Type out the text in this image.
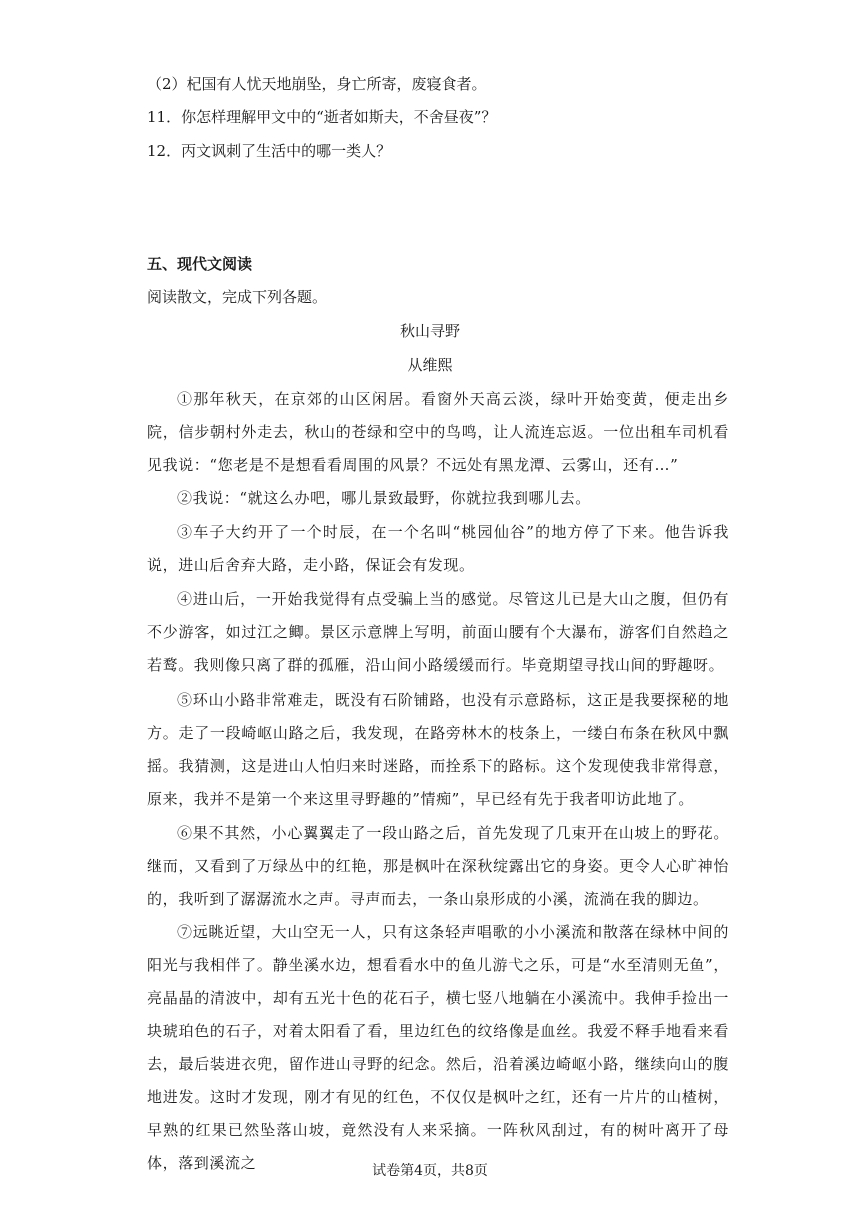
（2）杞国有人忧天地崩坠，身亡所寄，废寝食者。
11．你怎样理解甲文中的“逝者如斯夫，不舍昼夜”？
12．丙文讽刺了生活中的哪一类人？
五、现代文阅读
阅读散文，完成下列各题。
秋山寻野
从维熙
①那年秋天，在京郊的山区闲居。看窗外天高云淡，绿叶开始变黄，便走出乡院，信步朝村外走去，秋山的苍绿和空中的鸟鸣，让人流连忘返。一位出租车司机看见我说：“您老是不是想看看周围的风景？不远处有黑龙潭、云雾山，还有…”
②我说：“就这么办吧，哪儿景致最野，你就拉我到哪儿去。
③车子大约开了一个时辰，在一个名叫“桃园仙谷”的地方停了下来。他告诉我说，进山后舍弃大路，走小路，保证会有发现。
④进山后，一开始我觉得有点受骗上当的感觉。尽管这儿已是大山之腹，但仍有不少游客，如过江之鲫。景区示意牌上写明，前面山腰有个大瀑布，游客们自然趋之若鹜。我则像只离了群的孤雁，沿山间小路缓缓而行。毕竟期望寻找山间的野趣呀。
⑤环山小路非常难走，既没有石阶铺路，也没有示意路标，这正是我要探秘的地方。走了一段崎岖山路之后，我发现，在路旁林木的枝条上，一缕白布条在秋风中飘摇。我猜测，这是进山人怕归来时迷路，而拴系下的路标。这个发现使我非常得意，原来，我并不是第一个来这里寻野趣的”情痴”，早已经有先于我者叩访此地了。
⑥果不其然，小心翼翼走了一段山路之后，首先发现了几束开在山坡上的野花。继而，又看到了万绿丛中的红艳，那是枫叶在深秋绽露出它的身姿。更令人心旷神怡的，我听到了潺潺流水之声。寻声而去，一条山泉形成的小溪，流淌在我的脚边。
⑦远眺近望，大山空无一人，只有这条轻声唱歌的小小溪流和散落在绿林中间的阳光与我相伴了。静坐溪水边，想看看水中的鱼儿游弋之乐，可是“水至清则无鱼”，亮晶晶的清波中，却有五光十色的花石子，横七竖八地躺在小溪流中。我伸手捡出一块琥珀色的石子，对着太阳看了看，里边红色的纹络像是血丝。我爱不释手地看来看去，最后装进衣兜，留作进山寻野的纪念。然后，沿着溪边崎岖小路，继续向山的腹地进发。这时才发现，刚才有见的红色，不仅仅是枫叶之红，还有一片片的山楂树，早熟的红果已然坠落山坡，竟然没有人来采摘。一阵秋风刮过，有的树叶离开了母体，落到溪流之	试卷第4页，共8页
